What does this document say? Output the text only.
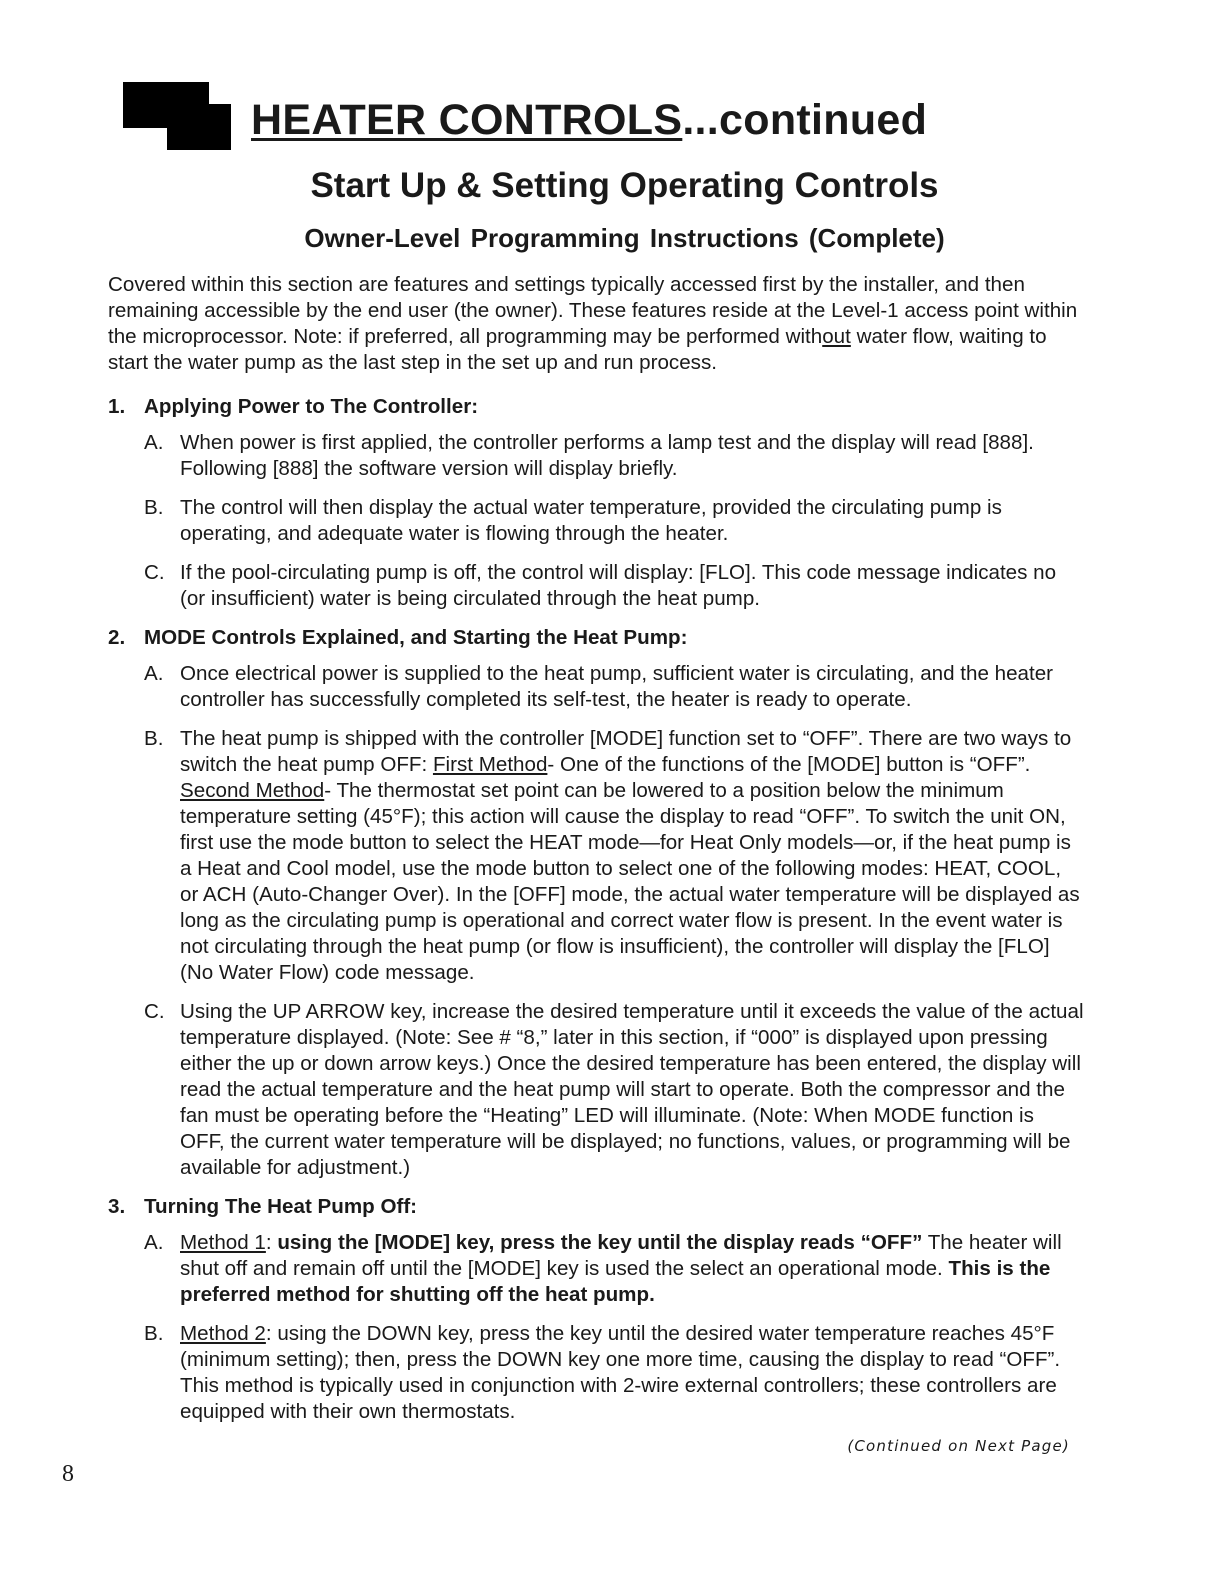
HEATER CONTROLS...continued
Start Up & Setting Operating Controls
Owner-Level Programming Instructions (Complete)

Covered within this section are features and settings typically accessed first by the installer, and then remaining accessible by the end user (the owner). These features reside at the Level-1 access point within the microprocessor. Note: if preferred, all programming may be performed without water flow, waiting to start the water pump as the last step in the set up and run process.

1. Applying Power to The Controller:
A. When power is first applied, the controller performs a lamp test and the display will read [888]. Following [888] the software version will display briefly.
B. The control will then display the actual water temperature, provided the circulating pump is operating, and adequate water is flowing through the heater.
C. If the pool-circulating pump is off, the control will display: [FLO]. This code message indicates no (or insufficient) water is being circulated through the heat pump.
2. MODE Controls Explained, and Starting the Heat Pump:
A. Once electrical power is supplied to the heat pump, sufficient water is circulating, and the heater controller has successfully completed its self-test, the heater is ready to operate.
B. The heat pump is shipped with the controller [MODE] function set to “OFF”. There are two ways to switch the heat pump OFF: First Method- One of the functions of the [MODE] button is “OFF”. Second Method- The thermostat set point can be lowered to a position below the minimum temperature setting (45°F); this action will cause the display to read “OFF”. To switch the unit ON, first use the mode button to select the HEAT mode—for Heat Only models—or, if the heat pump is a Heat and Cool model, use the mode button to select one of the following modes: HEAT, COOL, or ACH (Auto-Changer Over). In the [OFF] mode, the actual water temperature will be displayed as long as the circulating pump is operational and correct water flow is present. In the event water is not circulating through the heat pump (or flow is insufficient), the controller will display the [FLO] (No Water Flow) code message.
C. Using the UP ARROW key, increase the desired temperature until it exceeds the value of the actual temperature displayed. (Note: See # “8,” later in this section, if “000” is displayed upon pressing either the up or down arrow keys.) Once the desired temperature has been entered, the display will read the actual temperature and the heat pump will start to operate. Both the compressor and the fan must be operating before the “Heating” LED will illuminate. (Note: When MODE function is OFF, the current water temperature will be displayed; no functions, values, or programming will be available for adjustment.)
3. Turning The Heat Pump Off:
A. Method 1: using the [MODE] key, press the key until the display reads “OFF” The heater will shut off and remain off until the [MODE] key is used the select an operational mode. This is the preferred method for shutting off the heat pump.
B. Method 2: using the DOWN key, press the key until the desired water temperature reaches 45°F (minimum setting); then, press the DOWN key one more time, causing the display to read “OFF”. This method is typically used in conjunction with 2-wire external controllers; these controllers are equipped with their own thermostats.
(Continued on Next Page)
8
